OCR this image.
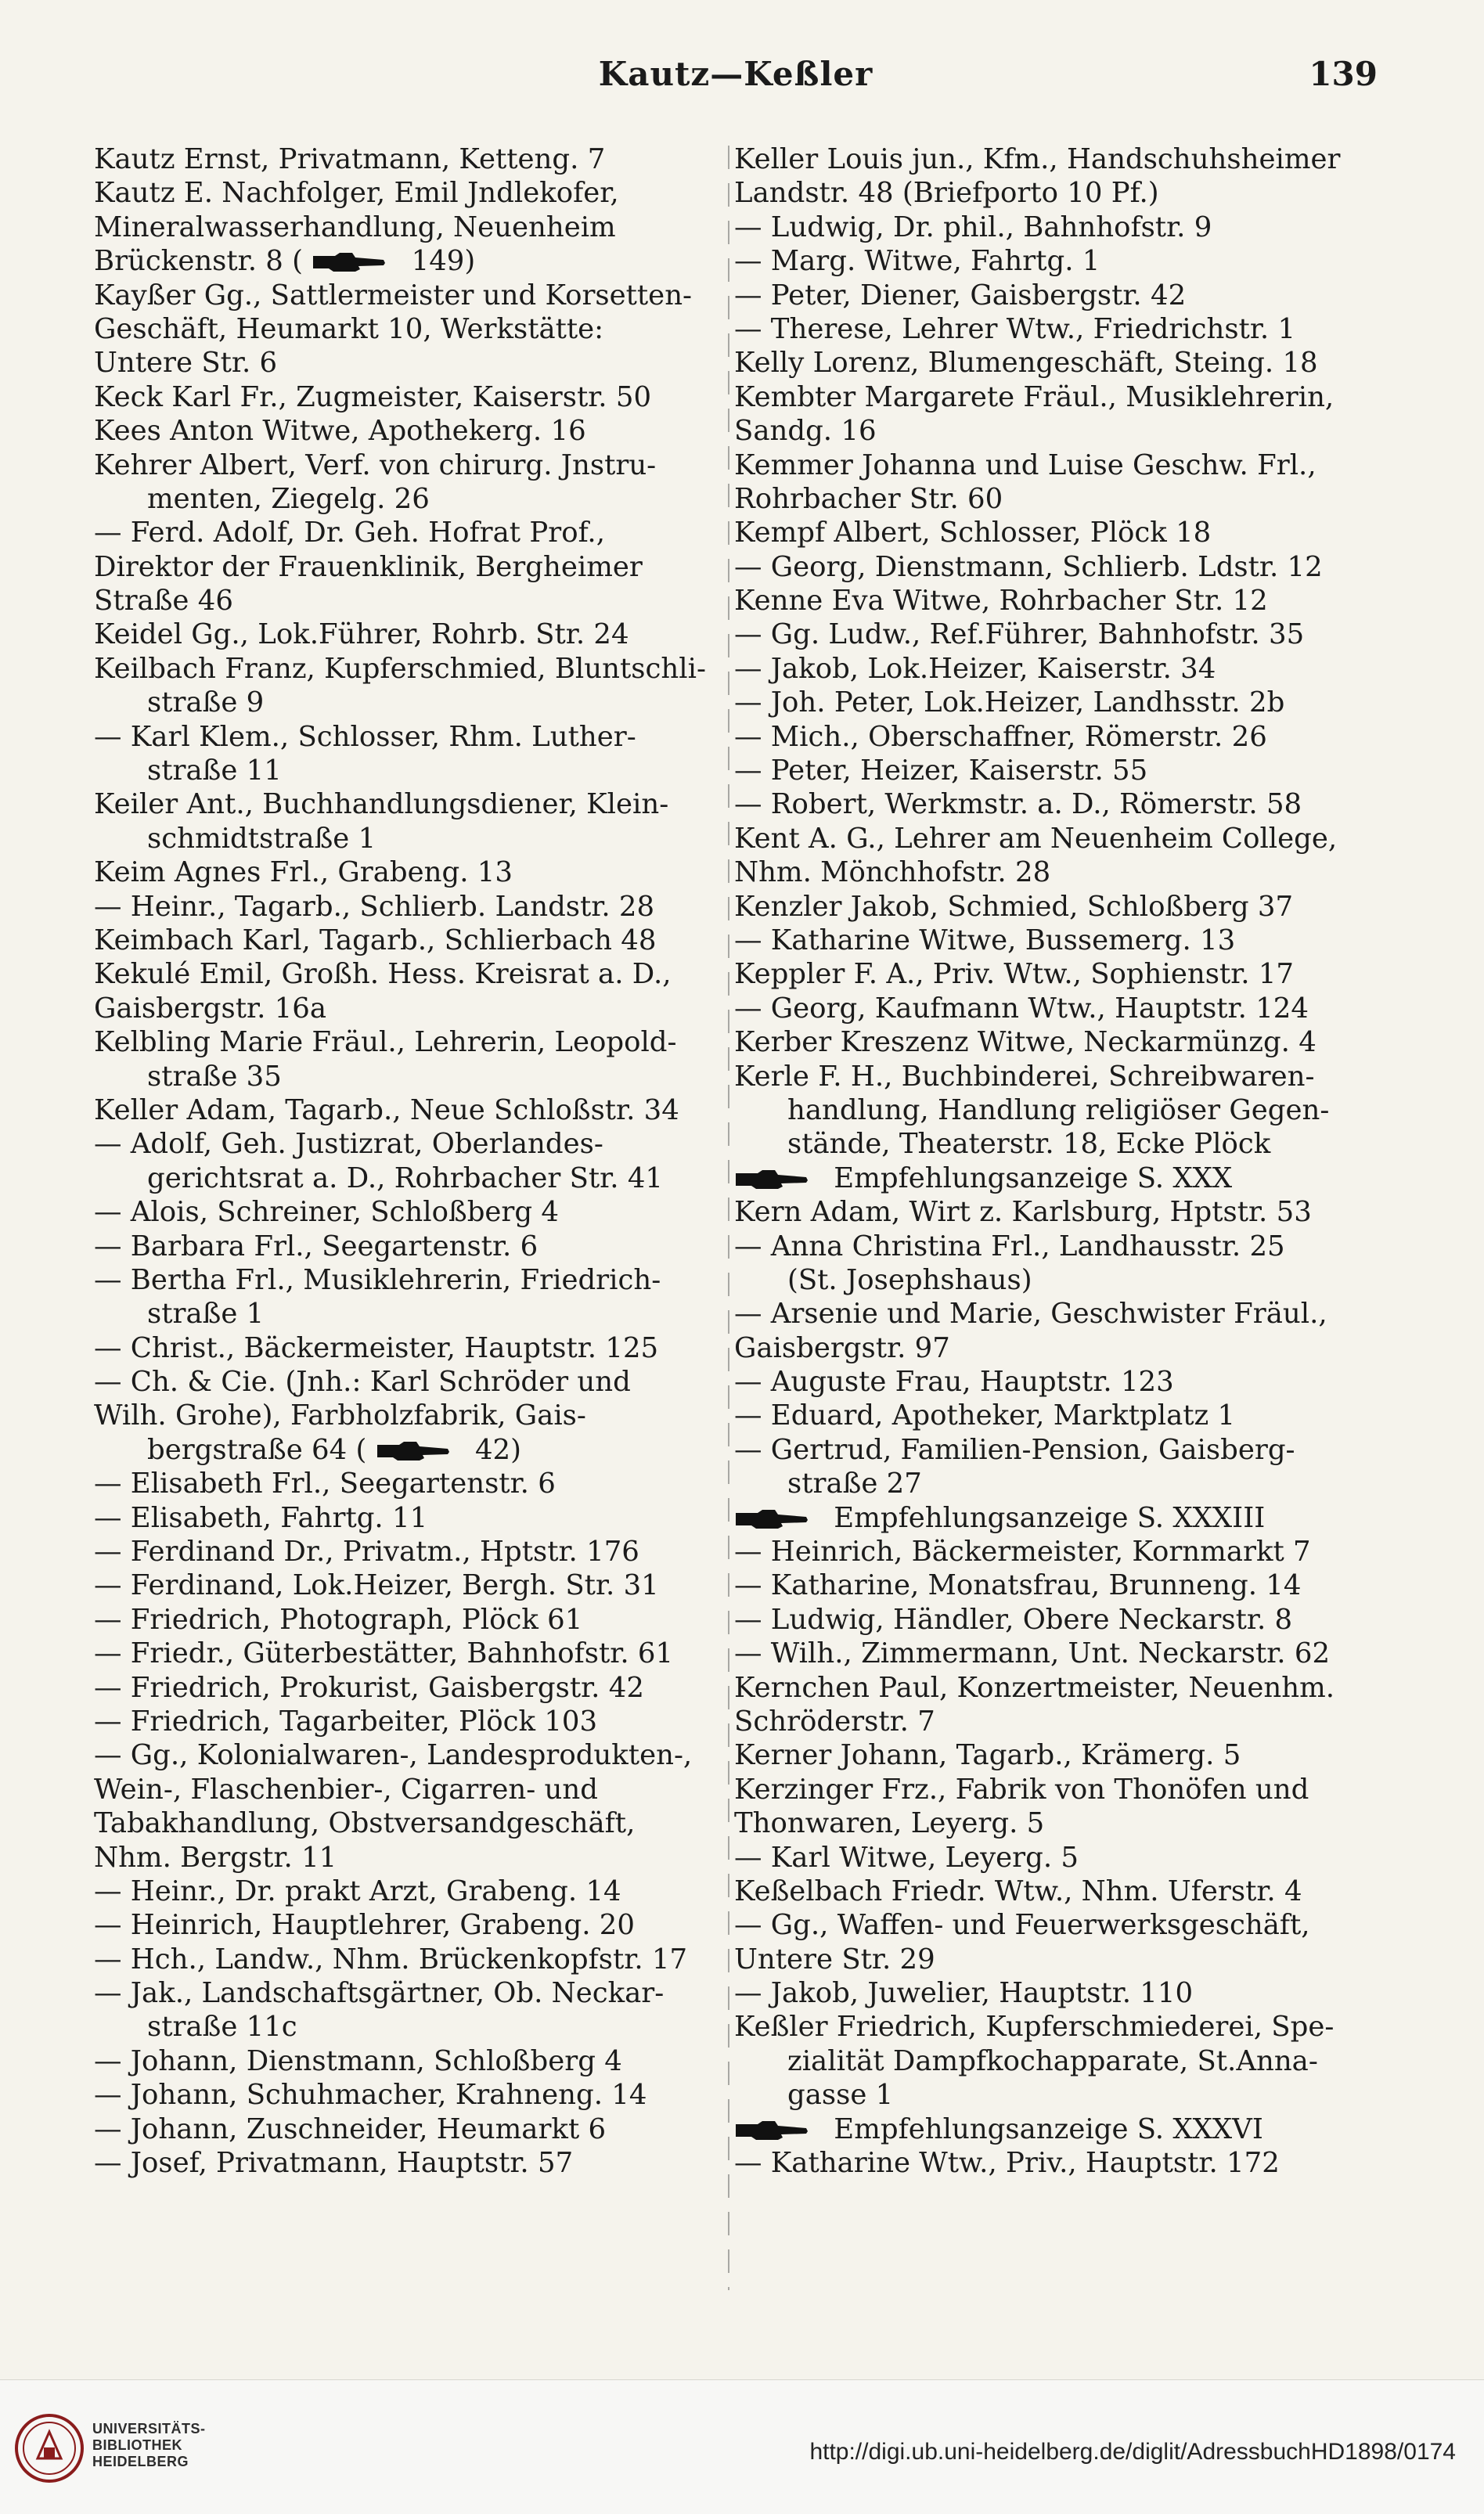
Kautz—Keßler	139
Kautz Ernst, Privatmann, Ketteng. 7
Kautz E. Nachfolger, Emil Jndlekofer,
Mineralwasserhandlung, Neuenheim
Brückenstr. 8 (	149)
Kayßer Gg., Sattlermeister und Korsetten-
Geschäft, Heumarkt 10, Werkstätte:
Untere Str. 6
Keck Karl Fr., Zugmeister, Kaiserstr. 50
Kees Anton Witwe, Apothekerg. 16
Kehrer Albert, Verf. von chirurg. Jnstru-
menten, Ziegelg. 26
— Ferd. Adolf, Dr. Geh. Hofrat Prof.,
Direktor der Frauenklinik, Bergheimer
Straße 46
Keidel Gg., Lok.Führer, Rohrb. Str. 24
Keilbach Franz, Kupferschmied, Bluntschli-
straße 9
— Karl Klem., Schlosser, Rhm. Luther-
straße 11
Keiler Ant., Buchhandlungsdiener, Klein-
schmidtstraße 1
Keim Agnes Frl., Grabeng. 13
— Heinr., Tagarb., Schlierb. Landstr. 28
Keimbach Karl, Tagarb., Schlierbach 48
Kekulé Emil, Großh. Hess. Kreisrat a. D.,
Gaisbergstr. 16a
Kelbling Marie Fräul., Lehrerin, Leopold-
straße 35
Keller Adam, Tagarb., Neue Schloßstr. 34
— Adolf, Geh. Justizrat, Oberlandes-
gerichtsrat a. D., Rohrbacher Str. 41
— Alois, Schreiner, Schloßberg 4
— Barbara Frl., Seegartenstr. 6
— Bertha Frl., Musiklehrerin, Friedrich-
straße 1
— Christ., Bäckermeister, Hauptstr. 125
— Ch. & Cie. (Jnh.: Karl Schröder und
Wilh. Grohe), Farbholzfabrik, Gais-
bergstraße 64 (	42)
— Elisabeth Frl., Seegartenstr. 6
— Elisabeth, Fahrtg. 11
— Ferdinand Dr., Privatm., Hptstr. 176
— Ferdinand, Lok.Heizer, Bergh. Str. 31
— Friedrich, Photograph, Plöck 61
— Friedr., Güterbestätter, Bahnhofstr. 61
— Friedrich, Prokurist, Gaisbergstr. 42
— Friedrich, Tagarbeiter, Plöck 103
— Gg., Kolonialwaren-, Landesprodukten-,
Wein-, Flaschenbier-, Cigarren- und
Tabakhandlung, Obstversandgeschäft,
Nhm. Bergstr. 11
— Heinr., Dr. prakt Arzt, Grabeng. 14
— Heinrich, Hauptlehrer, Grabeng. 20
— Hch., Landw., Nhm. Brückenkopfstr. 17
— Jak., Landschaftsgärtner, Ob. Neckar-
straße 11c
— Johann, Dienstmann, Schloßberg 4
— Johann, Schuhmacher, Krahneng. 14
— Johann, Zuschneider, Heumarkt 6
— Josef, Privatmann, Hauptstr. 57
Keller Louis jun., Kfm., Handschuhsheimer
Landstr. 48 (Briefporto 10 Pf.)
— Ludwig, Dr. phil., Bahnhofstr. 9
— Marg. Witwe, Fahrtg. 1
— Peter, Diener, Gaisbergstr. 42
— Therese, Lehrer Wtw., Friedrichstr. 1
Kelly Lorenz, Blumengeschäft, Steing. 18
Kembter Margarete Fräul., Musiklehrerin,
Sandg. 16
Kemmer Johanna und Luise Geschw. Frl.,
Rohrbacher Str. 60
Kempf Albert, Schlosser, Plöck 18
— Georg, Dienstmann, Schlierb. Ldstr. 12
Kenne Eva Witwe, Rohrbacher Str. 12
— Gg. Ludw., Ref.Führer, Bahnhofstr. 35
— Jakob, Lok.Heizer, Kaiserstr. 34
— Joh. Peter, Lok.Heizer, Landhsstr. 2b
— Mich., Oberschaffner, Römerstr. 26
— Peter, Heizer, Kaiserstr. 55
— Robert, Werkmstr. a. D., Römerstr. 58
Kent A. G., Lehrer am Neuenheim College,
Nhm. Mönchhofstr. 28
Kenzler Jakob, Schmied, Schloßberg 37
— Katharine Witwe, Bussemerg. 13
Keppler F. A., Priv. Wtw., Sophienstr. 17
— Georg, Kaufmann Wtw., Hauptstr. 124
Kerber Kreszenz Witwe, Neckarmünzg. 4
Kerle F. H., Buchbinderei, Schreibwaren-
handlung, Handlung religiöser Gegen-
stände, Theaterstr. 18, Ecke Plöck
Empfehlungsanzeige S. XXX
Kern Adam, Wirt z. Karlsburg, Hptstr. 53
— Anna Christina Frl., Landhausstr. 25
(St. Josephshaus)
— Arsenie und Marie, Geschwister Fräul.,
Gaisbergstr. 97
— Auguste Frau, Hauptstr. 123
— Eduard, Apotheker, Marktplatz 1
— Gertrud, Familien-Pension, Gaisberg-
straße 27
Empfehlungsanzeige S. XXXIII
— Heinrich, Bäckermeister, Kornmarkt 7
— Katharine, Monatsfrau, Brunneng. 14
— Ludwig, Händler, Obere Neckarstr. 8
— Wilh., Zimmermann, Unt. Neckarstr. 62
Kernchen Paul, Konzertmeister, Neuenhm.
Schröderstr. 7
Kerner Johann, Tagarb., Krämerg. 5
Kerzinger Frz., Fabrik von Thonöfen und
Thonwaren, Leyerg. 5
— Karl Witwe, Leyerg. 5
Keßelbach Friedr. Wtw., Nhm. Uferstr. 4
— Gg., Waffen- und Feuerwerksgeschäft,
Untere Str. 29
— Jakob, Juwelier, Hauptstr. 110
Keßler Friedrich, Kupferschmiederei, Spe-
zialität Dampfkochapparate, St.Anna-
gasse 1
Empfehlungsanzeige S. XXXVI
— Katharine Wtw., Priv., Hauptstr. 172
UNIVERSITÄTS-
BIBLIOTHEK
HEIDELBERG	http://digi.ub.uni-heidelberg.de/diglit/AdressbuchHD1898/0174
